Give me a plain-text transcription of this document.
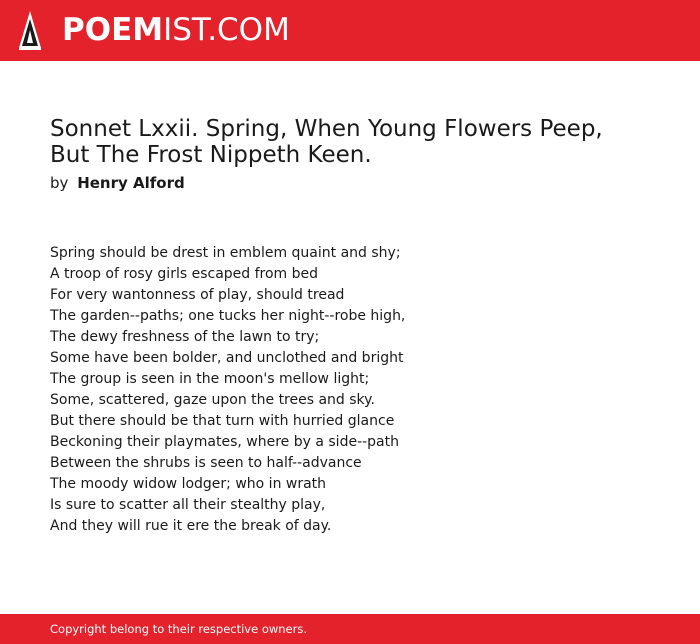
POEMIST.COM
Sonnet Lxxii. Spring, When Young Flowers Peep, But The Frost Nippeth Keen.
by Henry Alford
Spring should be drest in emblem quaint and shy;
A troop of rosy girls escaped from bed
For very wantonness of play, should tread
The garden--paths; one tucks her night--robe high,
The dewy freshness of the lawn to try;
Some have been bolder, and unclothed and bright
The group is seen in the moon's mellow light;
Some, scattered, gaze upon the trees and sky.
But there should be that turn with hurried glance
Beckoning their playmates, where by a side--path
Between the shrubs is seen to half--advance
The moody widow lodger; who in wrath
Is sure to scatter all their stealthy play,
And they will rue it ere the break of day.
Copyright belong to their respective owners.
